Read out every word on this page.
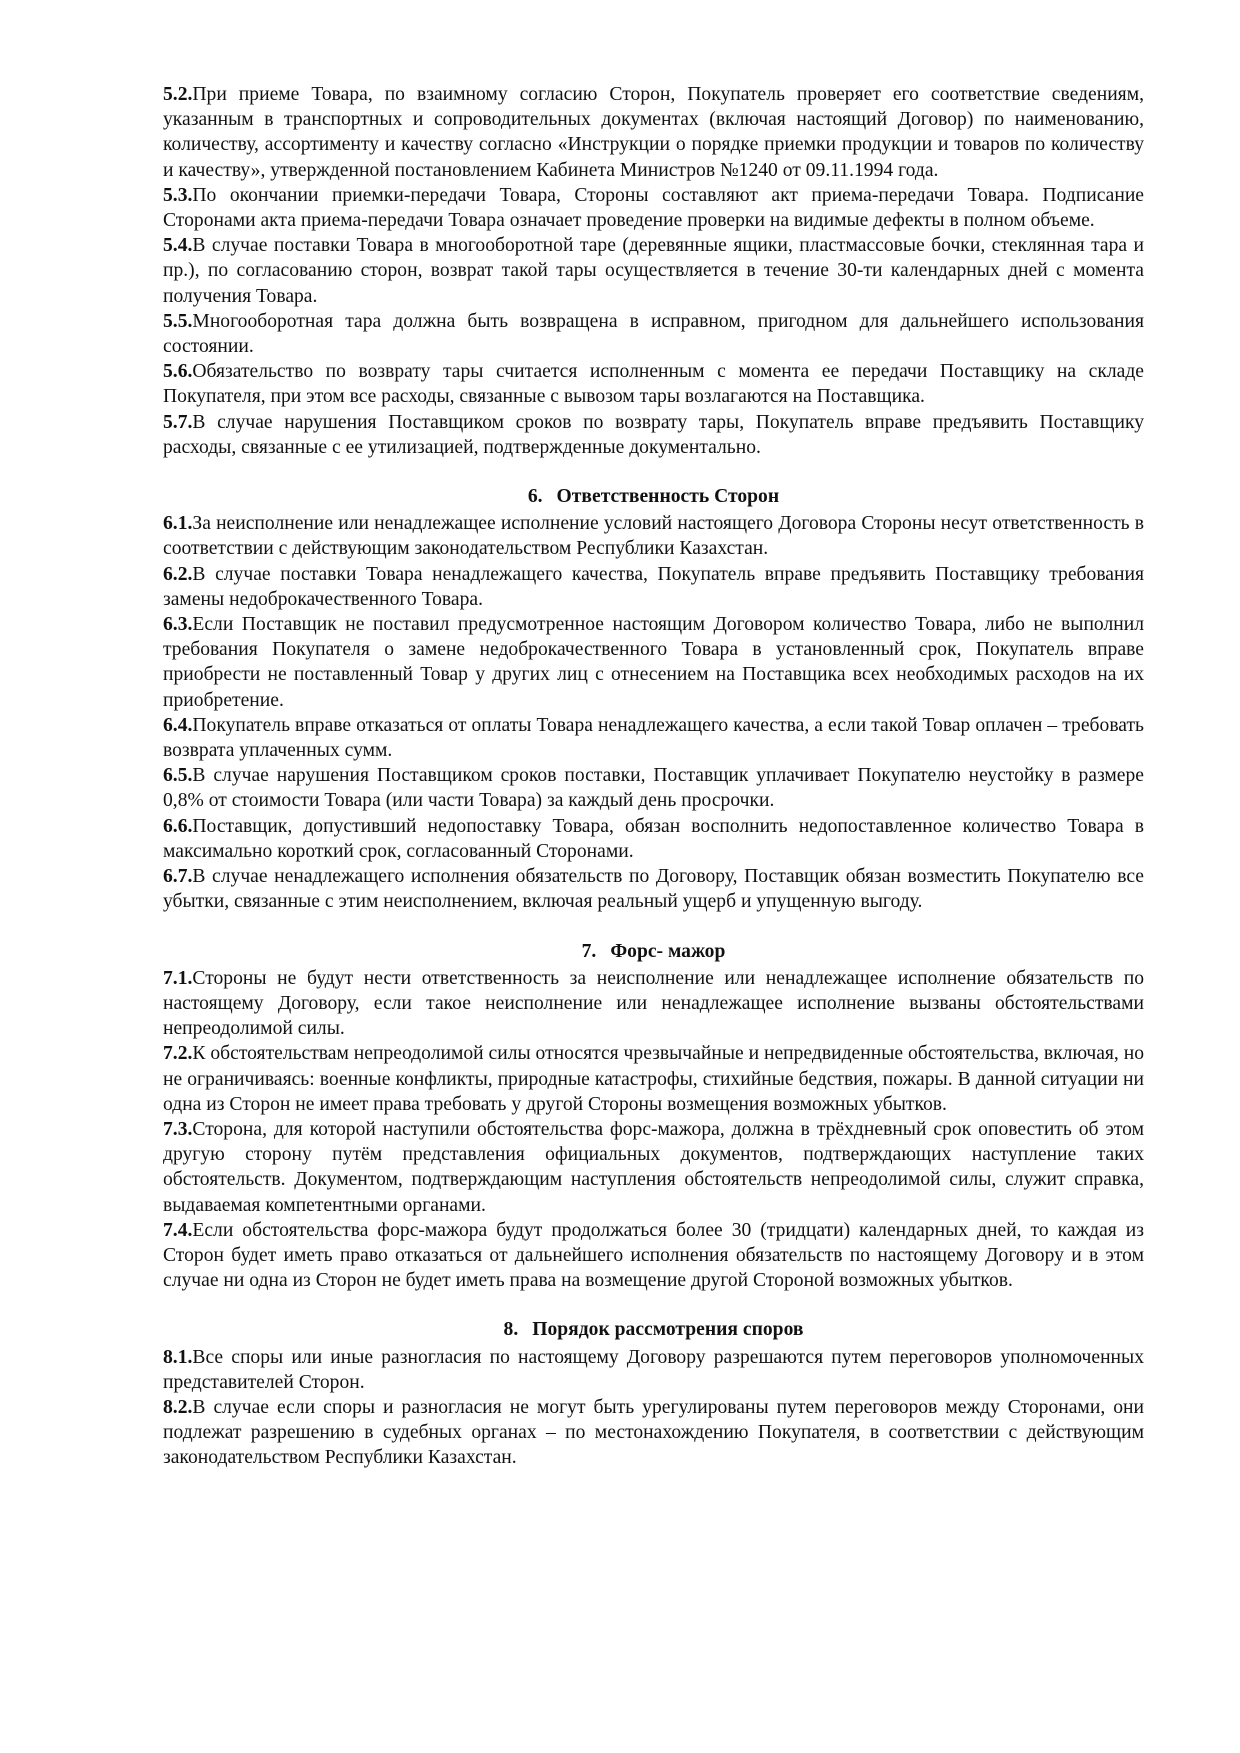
5.2.При приеме Товара, по взаимному согласию Сторон, Покупатель проверяет его соответствие сведениям, указанным в транспортных и сопроводительных документах (включая настоящий Договор) по наименованию, количеству, ассортименту и качеству согласно «Инструкции о порядке приемки продукции и товаров по количеству и качеству», утвержденной постановлением Кабинета Министров №1240 от 09.11.1994 года.

5.3.По окончании приемки-передачи Товара, Стороны составляют акт приема-передачи Товара. Подписание Сторонами акта приема-передачи Товара означает проведение проверки на видимые дефекты в полном объеме.

5.4.В случае поставки Товара в многооборотной таре (деревянные ящики, пластмассовые бочки, стеклянная тара и пр.), по согласованию сторон, возврат такой тары осуществляется в течение 30-ти календарных дней с момента получения Товара.

5.5.Многооборотная тара должна быть возвращена в исправном, пригодном для дальнейшего использования состоянии.

5.6.Обязательство по возврату тары считается исполненным с момента ее передачи Поставщику на складе Покупателя, при этом все расходы, связанные с вывозом тары возлагаются на Поставщика.

5.7.В случае нарушения Поставщиком сроков по возврату тары, Покупатель вправе предъявить Поставщику расходы, связанные с ее утилизацией, подтвержденные документально.

6. Ответственность Сторон

6.1.За неисполнение или ненадлежащее исполнение условий настоящего Договора Стороны несут ответственность в соответствии с действующим законодательством Республики Казахстан.

6.2.В случае поставки Товара ненадлежащего качества, Покупатель вправе предъявить Поставщику требования замены недоброкачественного Товара.

6.3.Если Поставщик не поставил предусмотренное настоящим Договором количество Товара, либо не выполнил требования Покупателя о замене недоброкачественного Товара в установленный срок, Покупатель вправе приобрести не поставленный Товар у других лиц с отнесением на Поставщика всех необходимых расходов на их приобретение.

6.4.Покупатель вправе отказаться от оплаты Товара ненадлежащего качества, а если такой Товар оплачен – требовать возврата уплаченных сумм.

6.5.В случае нарушения Поставщиком сроков поставки, Поставщик уплачивает Покупателю неустойку в размере 0,8% от стоимости Товара (или части Товара) за каждый день просрочки.

6.6.Поставщик, допустивший недопоставку Товара, обязан восполнить недопоставленное количество Товара в максимально короткий срок, согласованный Сторонами.

6.7.В случае ненадлежащего исполнения обязательств по Договору, Поставщик обязан возместить Покупателю все убытки, связанные с этим неисполнением, включая реальный ущерб и упущенную выгоду.

7. Форс- мажор

7.1.Стороны не будут нести ответственность за неисполнение или ненадлежащее исполнение обязательств по настоящему Договору, если такое неисполнение или ненадлежащее исполнение вызваны обстоятельствами непреодолимой силы.

7.2.К обстоятельствам непреодолимой силы относятся чрезвычайные и непредвиденные обстоятельства, включая, но не ограничиваясь: военные конфликты, природные катастрофы, стихийные бедствия, пожары. В данной ситуации ни одна из Сторон не имеет права требовать у другой Стороны возмещения возможных убытков.

7.3.Сторона, для которой наступили обстоятельства форс-мажора, должна в трёхдневный срок оповестить об этом другую сторону путём представления официальных документов, подтверждающих наступление таких обстоятельств. Документом, подтверждающим наступления обстоятельств непреодолимой силы, служит справка, выдаваемая компетентными органами.

7.4.Если обстоятельства форс-мажора будут продолжаться более 30 (тридцати) календарных дней, то каждая из Сторон будет иметь право отказаться от дальнейшего исполнения обязательств по настоящему Договору и в этом случае ни одна из Сторон не будет иметь права на возмещение другой Стороной возможных убытков.

8. Порядок рассмотрения споров

8.1.Все споры или иные разногласия по настоящему Договору разрешаются путем переговоров уполномоченных представителей Сторон.

8.2.В случае если споры и разногласия не могут быть урегулированы путем переговоров между Сторонами, они подлежат разрешению в судебных органах – по местонахождению Покупателя, в соответствии с действующим законодательством Республики Казахстан.
